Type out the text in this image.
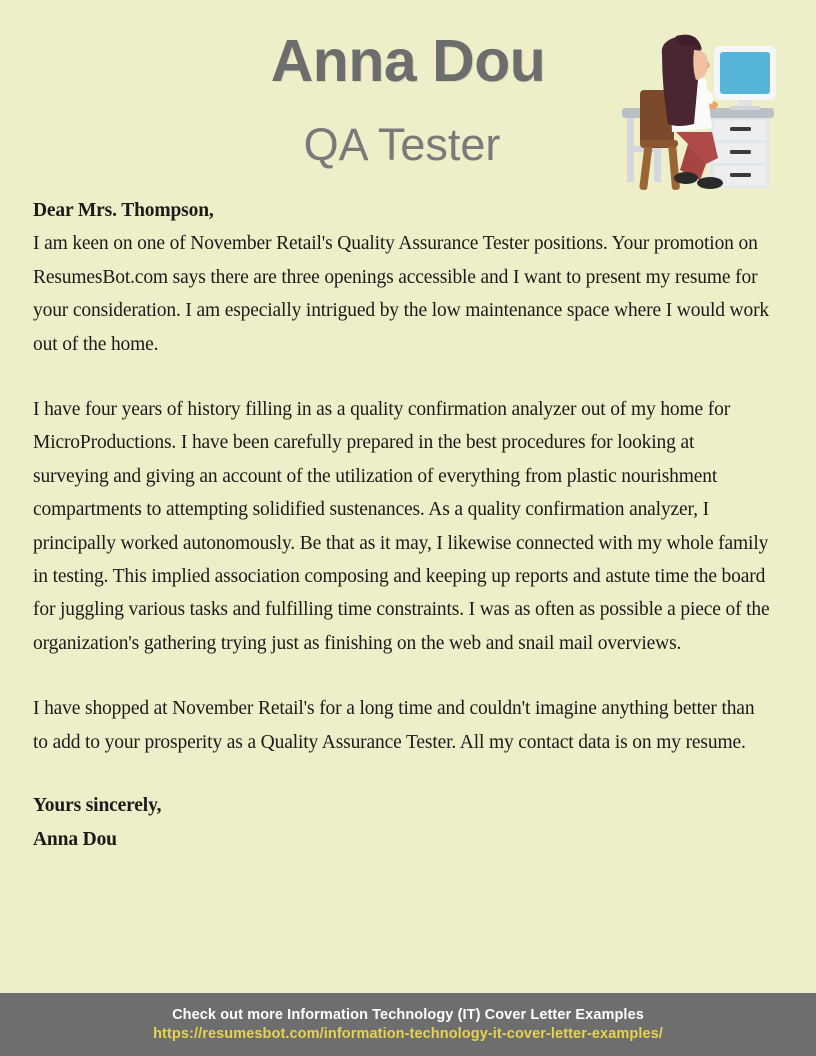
Anna Dou
QA Tester

Dear Mrs. Thompson,

I am keen on one of November Retail's Quality Assurance Tester positions. Your promotion on ResumesBot.com says there are three openings accessible and I want to present my resume for your consideration. I am especially intrigued by the low maintenance space where I would work out of the home.

I have four years of history filling in as a quality confirmation analyzer out of my home for MicroProductions. I have been carefully prepared in the best procedures for looking at surveying and giving an account of the utilization of everything from plastic nourishment compartments to attempting solidified sustenances. As a quality confirmation analyzer, I principally worked autonomously. Be that as it may, I likewise connected with my whole family in testing. This implied association composing and keeping up reports and astute time the board for juggling various tasks and fulfilling time constraints. I was as often as possible a piece of the organization's gathering trying just as finishing on the web and snail mail overviews.

I have shopped at November Retail's for a long time and couldn't imagine anything better than to add to your prosperity as a Quality Assurance Tester. All my contact data is on my resume.

Yours sincerely,

Anna Dou

Check out more Information Technology (IT) Cover Letter Examples
https://resumesbot.com/information-technology-it-cover-letter-examples/
